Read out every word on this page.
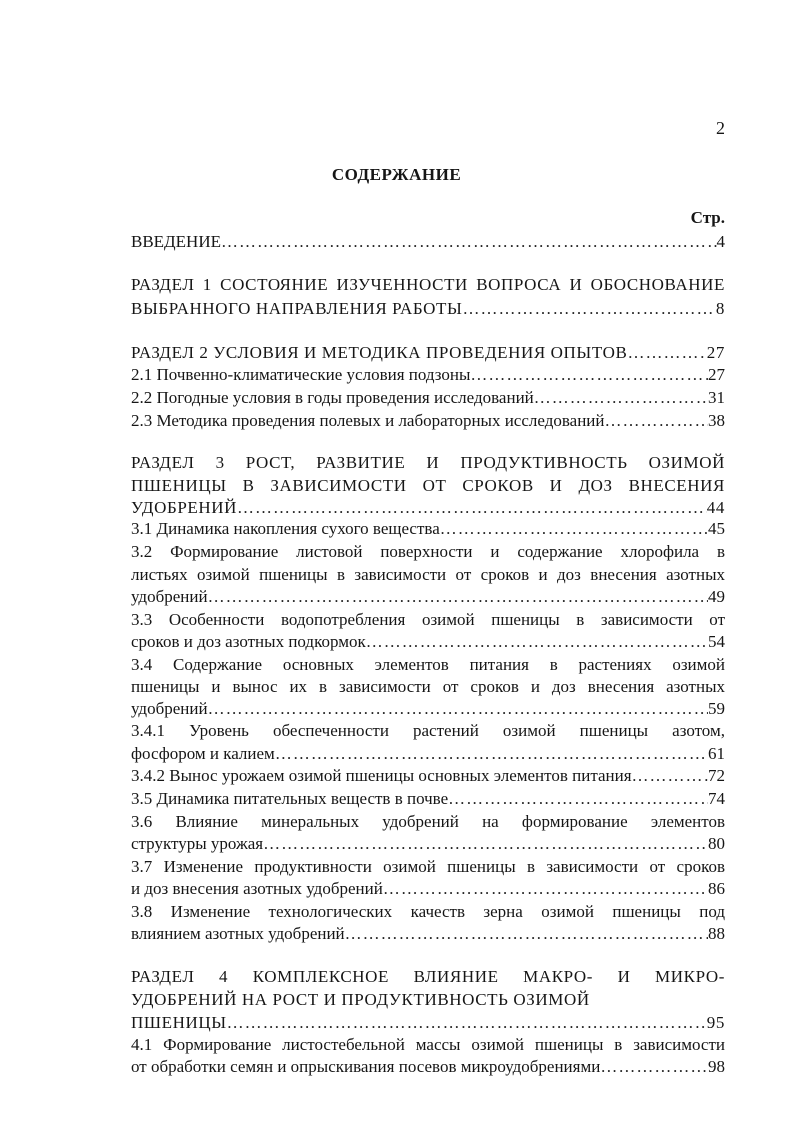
2
СОДЕРЖАНИЕ
Стр.
ВВЕДЕНИЕ …………………………………………………………………………………………………………………………………………………………	4
РАЗДЕЛ 1 СОСТОЯНИЕ ИЗУЧЕННОСТИ ВОПРОСА И ОБОСНОВАНИЕ
ВЫБРАННОГО НАПРАВЛЕНИЯ РАБОТЫ …………………………………………………………………………………………………………………………………………………………	8
РАЗДЕЛ 2 УСЛОВИЯ И МЕТОДИКА ПРОВЕДЕНИЯ ОПЫТОВ …………………………………………………………………………………………………………………………………………………………	27
2.1 Почвенно-климатические условия подзоны …………………………………………………………………………………………………………………………………………………………	27
2.2 Погодные условия в годы проведения исследований …………………………………………………………………………………………………………………………………………………………	31
2.3 Методика проведения полевых и лабораторных исследований …………………………………………………………………………………………………………………………………………………………	38
РАЗДЕЛ 3 РОСТ, РАЗВИТИЕ И ПРОДУКТИВНОСТЬ ОЗИМОЙ
ПШЕНИЦЫ В ЗАВИСИМОСТИ ОТ СРОКОВ И ДОЗ ВНЕСЕНИЯ
УДОБРЕНИЙ …………………………………………………………………………………………………………………………………………………………	44
3.1 Динамика накопления сухого вещества …………………………………………………………………………………………………………………………………………………………	45
3.2 Формирование листовой поверхности и содержание хлорофила в
листьях озимой пшеницы в зависимости от сроков и доз внесения азотных
удобрений …………………………………………………………………………………………………………………………………………………………	49
3.3 Особенности водопотребления озимой пшеницы в зависимости от
сроков и доз азотных подкормок …………………………………………………………………………………………………………………………………………………………	54
3.4 Содержание основных элементов питания в растениях озимой
пшеницы и вынос их в зависимости от сроков и доз внесения азотных
удобрений …………………………………………………………………………………………………………………………………………………………	59
3.4.1 Уровень обеспеченности растений озимой пшеницы азотом,
фосфором и калием …………………………………………………………………………………………………………………………………………………………	61
3.4.2 Вынос урожаем озимой пшеницы основных элементов питания …………………………………………………………………………………………………………………………………………………………	72
3.5 Динамика питательных веществ в почве …………………………………………………………………………………………………………………………………………………………	74
3.6 Влияние минеральных удобрений на формирование элементов
структуры урожая …………………………………………………………………………………………………………………………………………………………	80
3.7 Изменение продуктивности озимой пшеницы в зависимости от сроков
и доз внесения азотных удобрений …………………………………………………………………………………………………………………………………………………………	86
3.8 Изменение технологических качеств зерна озимой пшеницы под
влиянием азотных удобрений …………………………………………………………………………………………………………………………………………………………	88
РАЗДЕЛ 4 КОМПЛЕКСНОЕ ВЛИЯНИЕ МАКРО- И МИКРО-
УДОБРЕНИЙ НА РОСТ И ПРОДУКТИВНОСТЬ ОЗИМОЙ
ПШЕНИЦЫ …………………………………………………………………………………………………………………………………………………………	95
4.1 Формирование листостебельной массы озимой пшеницы в зависимости
от обработки семян и опрыскивания посевов микроудобрениями …………………………………………………………………………………………………………………………………………………………	98
